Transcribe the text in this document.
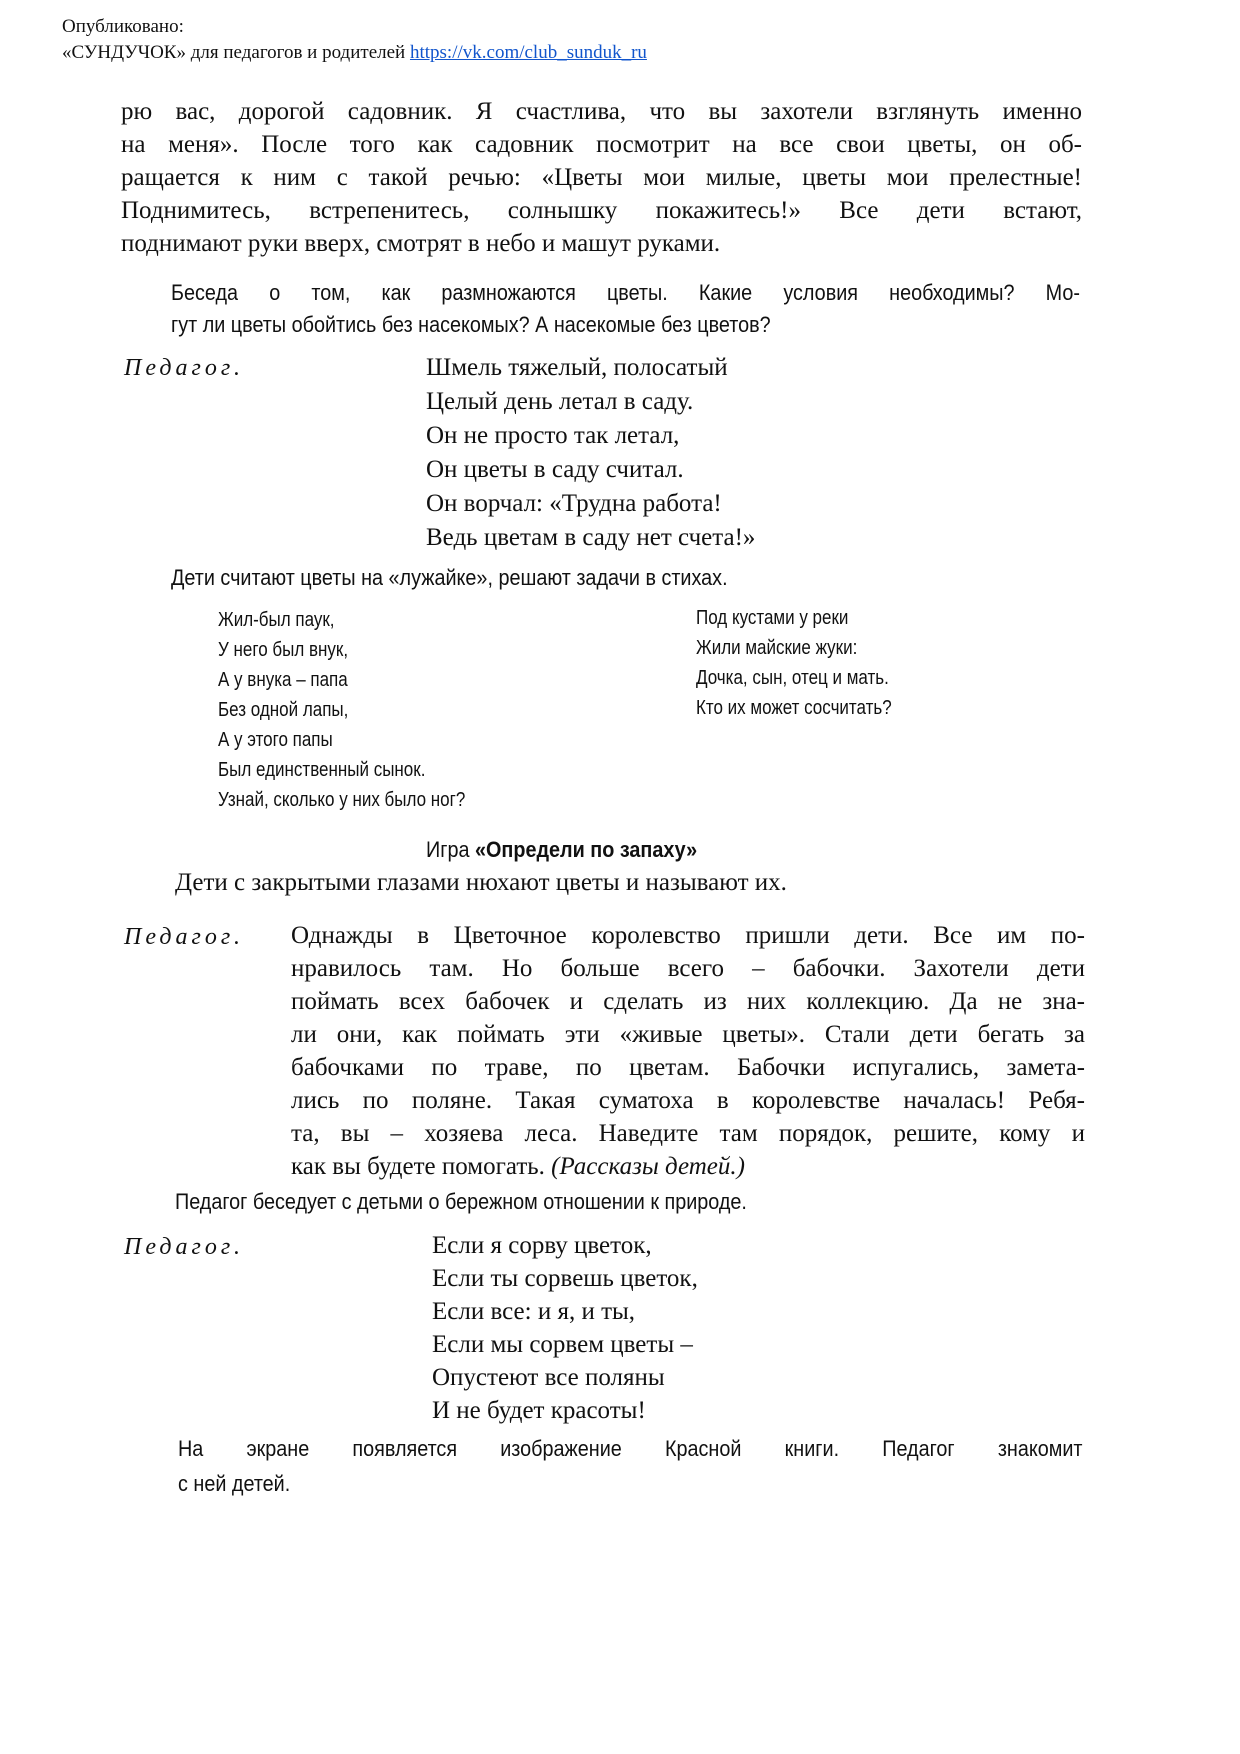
Опубликовано:
«СУНДУЧОК» для педагогов и родителей https://vk.com/club_sunduk_ru
рю вас, дорогой садовник. Я счастлива, что вы захотели взглянуть именно
на меня». После того как садовник посмотрит на все свои цветы, он об-
ращается к ним с такой речью: «Цветы мои милые, цветы мои прелестные!
Поднимитесь, встрепенитесь, солнышку покажитесь!» Все дети встают,
поднимают руки вверх, смотрят в небо и машут руками.
Беседа о том, как размножаются цветы. Какие условия необходимы? Мо-
гут ли цветы обойтись без насекомых? А насекомые без цветов?
Педагог.	Шмель тяжелый, полосатый
Целый день летал в саду.
Он не просто так летал,
Он цветы в саду считал.
Он ворчал: «Трудна работа!
Ведь цветам в саду нет счета!»
Дети считают цветы на «лужайке», решают задачи в стихах.
Жил-был паук,
У него был внук,
А у внука – папа
Без одной лапы,
А у этого папы
Был единственный сынок.
Узнай, сколько у них было ног?
Под кустами у реки
Жили майские жуки:
Дочка, сын, отец и мать.
Кто их может сосчитать?
Игра «Определи по запаху»
Дети с закрытыми глазами нюхают цветы и называют их.
Педагог. Однажды в Цветочное королевство пришли дети. Все им по-
нравилось там. Но больше всего – бабочки. Захотели дети
поймать всех бабочек и сделать из них коллекцию. Да не зна-
ли они, как поймать эти «живые цветы». Стали дети бегать за
бабочками по траве, по цветам. Бабочки испугались, замета-
лись по поляне. Такая суматоха в королевстве началась! Ребя-
та, вы – хозяева леса. Наведите там порядок, решите, кому и
как вы будете помогать. (Рассказы детей.)
Педагог беседует с детьми о бережном отношении к природе.
Педагог.	Если я сорву цветок,
Если ты сорвешь цветок,
Если все: и я, и ты,
Если мы сорвем цветы –
Опустеют все поляны
И не будет красоты!
На экране появляется изображение Красной книги. Педагог знакомит
с ней детей.
